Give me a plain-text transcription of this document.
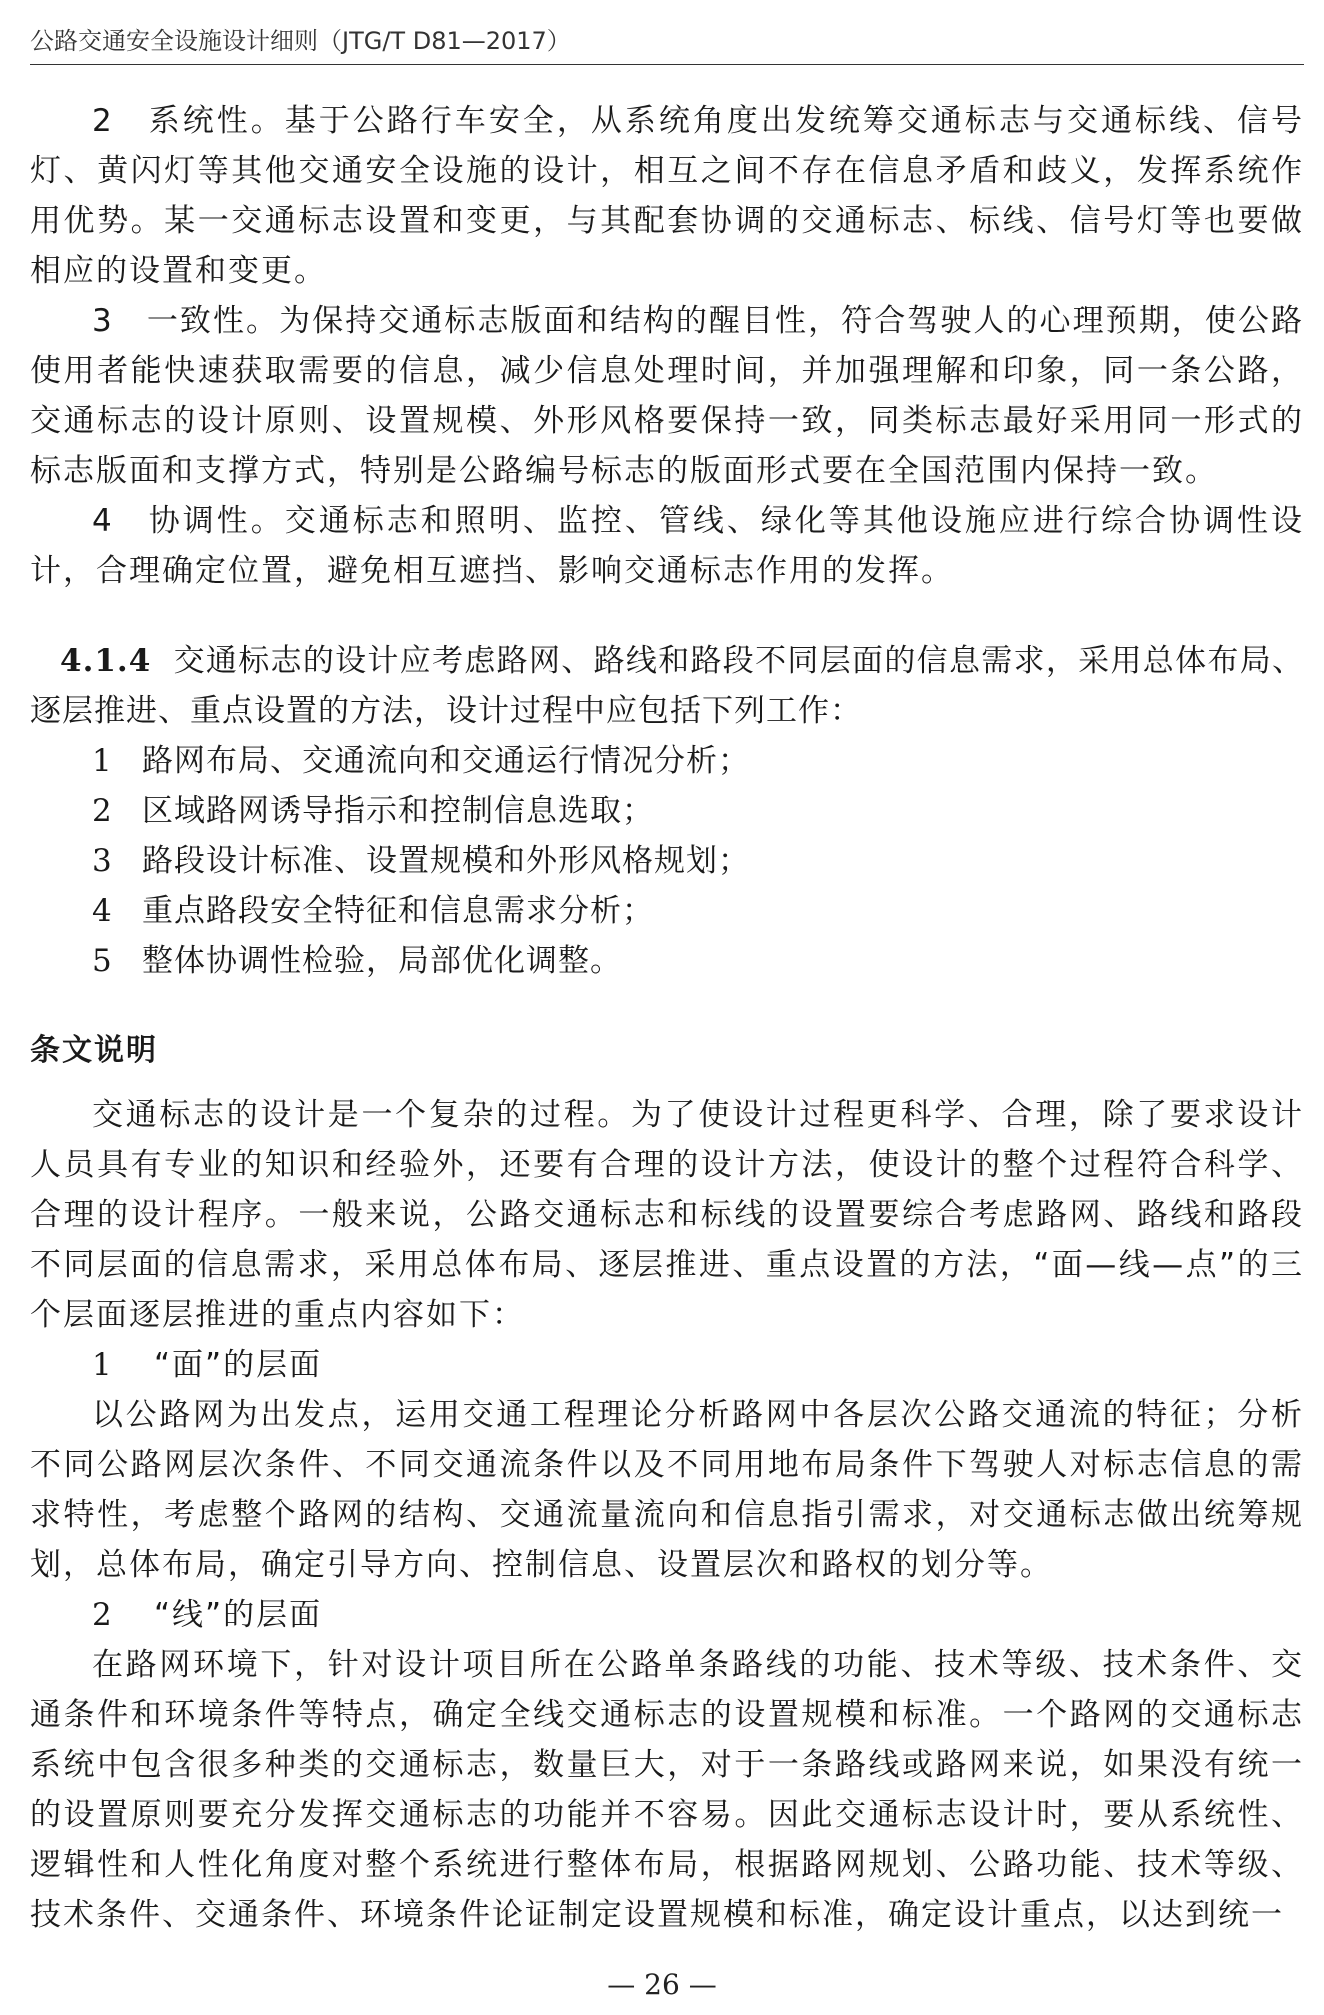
公路交通安全设施设计细则（JTG/T D81—2017）

2　系统性。基于公路行车安全，从系统角度出发统筹交通标志与交通标线、信号灯、黄闪灯等其他交通安全设施的设计，相互之间不存在信息矛盾和歧义，发挥系统作用优势。某一交通标志设置和变更，与其配套协调的交通标志、标线、信号灯等也要做相应的设置和变更。

3　一致性。为保持交通标志版面和结构的醒目性，符合驾驶人的心理预期，使公路使用者能快速获取需要的信息，减少信息处理时间，并加强理解和印象，同一条公路，交通标志的设计原则、设置规模、外形风格要保持一致，同类标志最好采用同一形式的标志版面和支撑方式，特别是公路编号标志的版面形式要在全国范围内保持一致。

4　协调性。交通标志和照明、监控、管线、绿化等其他设施应进行综合协调性设计，合理确定位置，避免相互遮挡、影响交通标志作用的发挥。

4.1.4 交通标志的设计应考虑路网、路线和路段不同层面的信息需求，采用总体布局、逐层推进、重点设置的方法，设计过程中应包括下列工作：

1 路网布局、交通流向和交通运行情况分析；

2 区域路网诱导指示和控制信息选取；

3 路段设计标准、设置规模和外形风格规划；

4 重点路段安全特征和信息需求分析；

5 整体协调性检验，局部优化调整。

条文说明

交通标志的设计是一个复杂的过程。为了使设计过程更科学、合理，除了要求设计人员具有专业的知识和经验外，还要有合理的设计方法，使设计的整个过程符合科学、合理的设计程序。一般来说，公路交通标志和标线的设置要综合考虑路网、路线和路段不同层面的信息需求，采用总体布局、逐层推进、重点设置的方法，“面—线—点”的三个层面逐层推进的重点内容如下：

1 “面”的层面

以公路网为出发点，运用交通工程理论分析路网中各层次公路交通流的特征；分析不同公路网层次条件、不同交通流条件以及不同用地布局条件下驾驶人对标志信息的需求特性，考虑整个路网的结构、交通流量流向和信息指引需求，对交通标志做出统筹规划，总体布局，确定引导方向、控制信息、设置层次和路权的划分等。

2 “线”的层面

在路网环境下，针对设计项目所在公路单条路线的功能、技术等级、技术条件、交通条件和环境条件等特点，确定全线交通标志的设置规模和标准。一个路网的交通标志系统中包含很多种类的交通标志，数量巨大，对于一条路线或路网来说，如果没有统一的设置原则要充分发挥交通标志的功能并不容易。因此交通标志设计时，要从系统性、逻辑性和人性化角度对整个系统进行整体布局，根据路网规划、公路功能、技术等级、技术条件、交通条件、环境条件论证制定设置规模和标准，确定设计重点，以达到统一

— 26 —
